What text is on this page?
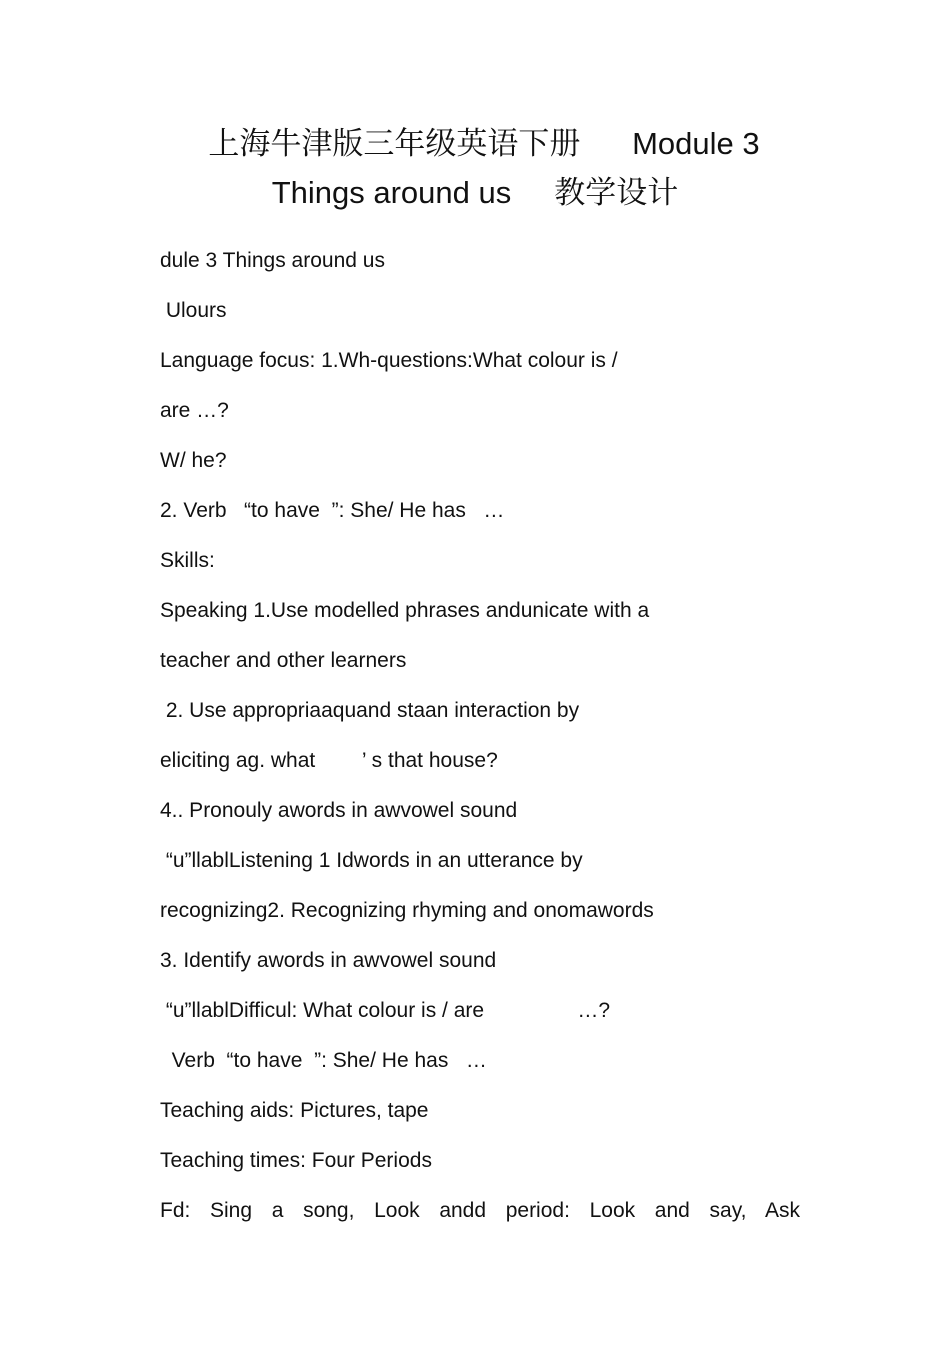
上海牛津版三年级英语下册      Module 3
Things around us     教学设计
dule 3 Things around us
Ulours
Language focus: 1.Wh-questions:What colour is /
are …?
W/ he?
2. Verb   “to have  ”: She/ He has   …
Skills:
Speaking 1.Use modelled phrases andunicate with a
teacher and other learners
2. Use appropriaaquand staan interaction by
eliciting ag. what        ’ s that house?
4.. Pronouly awords in awvowel sound
“u”llablListening 1 Idwords in an utterance by
recognizing2. Recognizing rhyming and onomawords
3. Identify awords in awvowel sound
“u”llablDifficul: What colour is / are                …?
Verb  “to have  ”: She/ He has   …
Teaching aids: Pictures, tape
Teaching times: Four Periods
Fd: Sing a song, Look andd period: Look and say, Ask
